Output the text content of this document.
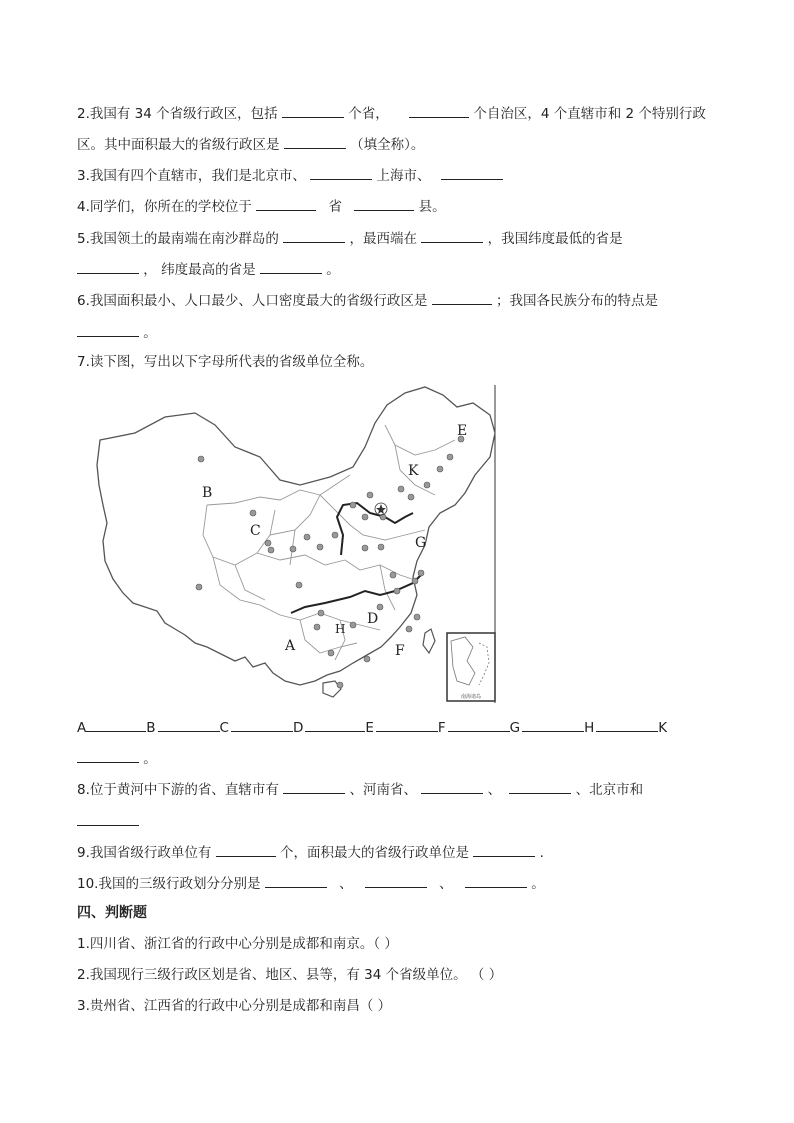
2.我国有 34 个省级行政区，包括	个省，	个自治区，4 个直辖市和 2 个特别行政
区。其中面积最大的省级行政区是	（填全称）。
3.我国有四个直辖市，我们是北京市、	上海市、
4.同学们，你所在的学校位于	省	县。
5.我国领土的最南端在南沙群岛的	，最西端在	，我国纬度最低的省是
， 纬度最高的省是	。
6.我国面积最小、人口最少、人口密度最大的省级行政区是	；我国各民族分布的特点是
。
7.读下图，写出以下字母所代表的省级单位全称。
B
C
K
E
G
D
H
A	F
南海诸岛
A	B	C	D	E	F	G	H	K
。
8.位于黄河中下游的省、直辖市有	、河南省、	、	、北京市和
9.我国省级行政单位有	个，面积最大的省级行政单位是	.
10.我国的三级行政划分分别是	、	、	。
四、判断题
1.四川省、浙江省的行政中心分别是成都和南京。（ ）
2.我国现行三级行政区划是省、地区、县等，有 34 个省级单位。 （ ）
3.贵州省、江西省的行政中心分别是成都和南昌（ ）
